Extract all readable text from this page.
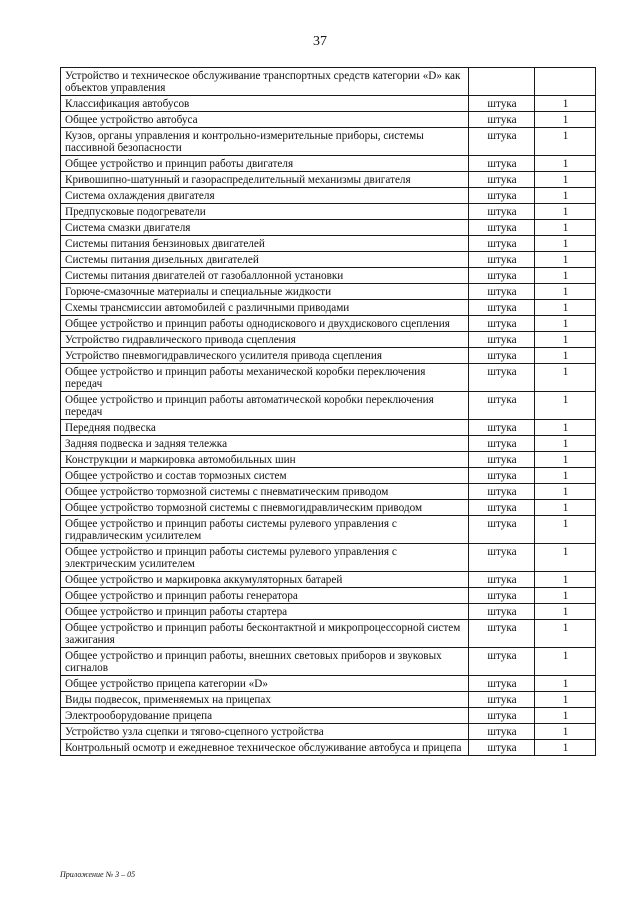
37
Устройство и техническое обслуживание транспортных средств категории «D» как объектов управления		
Классификация автобусов	штука	1
Общее устройство автобуса	штука	1
Кузов, органы управления и контрольно-измерительные приборы, системы пассивной безопасности	штука	1
Общее устройство и принцип работы двигателя	штука	1
Кривошипно-шатунный и газораспределительный механизмы двигателя	штука	1
Система охлаждения двигателя	штука	1
Предпусковые подогреватели	штука	1
Система смазки двигателя	штука	1
Системы питания бензиновых двигателей	штука	1
Системы питания дизельных двигателей	штука	1
Системы питания двигателей от газобаллонной установки	штука	1
Горюче-смазочные материалы и специальные жидкости	штука	1
Схемы трансмиссии автомобилей с различными приводами	штука	1
Общее устройство и принцип работы однодискового и двухдискового сцепления	штука	1
Устройство гидравлического привода сцепления	штука	1
Устройство пневмогидравлического усилителя привода сцепления	штука	1
Общее устройство и принцип работы механической коробки переключения передач	штука	1
Общее устройство и принцип работы автоматической коробки переключения передач	штука	1
Передняя подвеска	штука	1
Задняя подвеска и задняя тележка	штука	1
Конструкции и маркировка автомобильных шин	штука	1
Общее устройство и состав тормозных систем	штука	1
Общее устройство тормозной системы с пневматическим приводом	штука	1
Общее устройство тормозной системы с пневмогидравлическим приводом	штука	1
Общее устройство и принцип работы системы рулевого управления с гидравлическим усилителем	штука	1
Общее устройство и принцип работы системы рулевого управления с электрическим усилителем	штука	1
Общее устройство и маркировка аккумуляторных батарей	штука	1
Общее устройство и принцип работы генератора	штука	1
Общее устройство и принцип работы стартера	штука	1
Общее устройство и принцип работы бесконтактной и микропроцессорной систем зажигания	штука	1
Общее устройство и принцип работы, внешних световых приборов и звуковых сигналов	штука	1
Общее устройство прицепа категории «D»	штука	1
Виды подвесок, применяемых на прицепах	штука	1
Электрооборудование прицепа	штука	1
Устройство узла сцепки и тягово-сцепного устройства	штука	1
Контрольный осмотр и ежедневное техническое обслуживание автобуса и прицепа	штука	1
Приложение № 3 – 05
